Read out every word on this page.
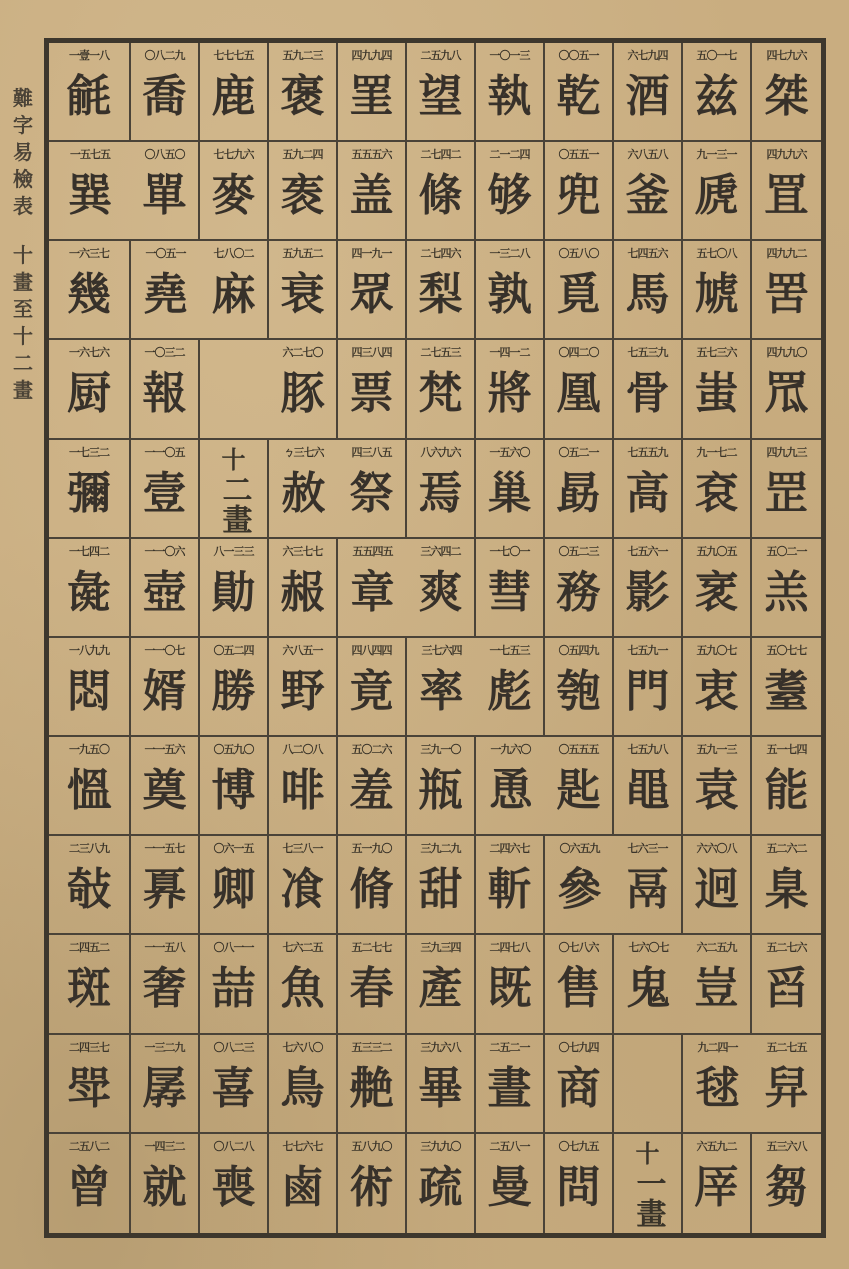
難
字
易
檢
表
十
畫
至
十
二
畫
一壹一八
毹
〇八二九
喬
七七七五
鹿
五九二三
褒
四九九四
罣
二五九八
望
一〇一三
執
〇〇五一
乾
六七九四
酒
五〇一七
兹
四七九六
桀
一五七五
巽
〇八五〇
單
七七九六
麥
五九二四
袠
五五五六
盖
二七四二
條
二一二四
够
〇五五一
兜
六八五八
釜
九一三一
虒
四九九六
罝
一六三七
幾
一〇五一
堯
七八〇二
麻
五九五二
衰
四一九一
眾
二七四六
梨
一三二八
孰
〇五八〇
覓
七四五六
馬
五七〇八
虓
四九九二
罟
一六七六
厨
一〇三二
報
六二七〇
豚
四三八四
票
二七五三
梵
一四一二
將
〇四二〇
凰
七五三九
骨
五七三六
蚩
四九九〇
罛
一七三二
彌
一一〇五
壹
十
二畫
ㄅ三七六
赦
四三八五
祭
八六九六
焉
一五六〇
巢
〇五二一
勗
七五五九
高
九一七二
袞
四九九三
罡
一七四二
彘
一一〇六
壺
八一三三
勛
六三七七
赧
五五四五
章
三六四二
爽
一七〇一
彗
〇五二三
務
七五六一
影
五九〇五
衺
五〇二一
羔
一八九九
悶
一一〇七
婿
〇五二四
勝
六八五一
野
四八四四
竟
三七六四
率
一七五三
彪
〇五四九
匏
七五九一
門
五九〇七
衷
五〇七七
耋
一九五〇
慍
一一五六
奠
〇五九〇
博
八二〇八
啡
五〇二六
羞
三九一〇
瓶
一九六〇
恿
〇五五五
匙
七五九八
黽
五九一三
袁
五一七四
能
二三八九
敧
一一五七
奡
〇六一五
卿
七三八一
飡
五一九〇
脩
三九二九
甜
二四六七
斬
〇六五九
參
七六三一
鬲
六六〇八
迥
五二六二
臬
二四五二
斑
一一五八
奢
〇八一一
喆
七六二五
魚
五二七七
春
三九三四
產
二四七八
既
〇七八六
售
七六〇七
鬼
六二五九
豈
五二七六
舀
二四三七
斝
一三二九
孱
〇八二三
喜
七六八〇
鳥
五三三二
艴
三九六八
畢
二五二一
晝
〇七九四
商
九二四一
毬
五二七五
舁
二五八二
曾
一四三二
就
〇八二八
喪
七七六七
鹵
五八九〇
術
三九九〇
疏
二五八一
曼
〇七九五
問
十
一畫
六五九二
厗
五三六八
芻
